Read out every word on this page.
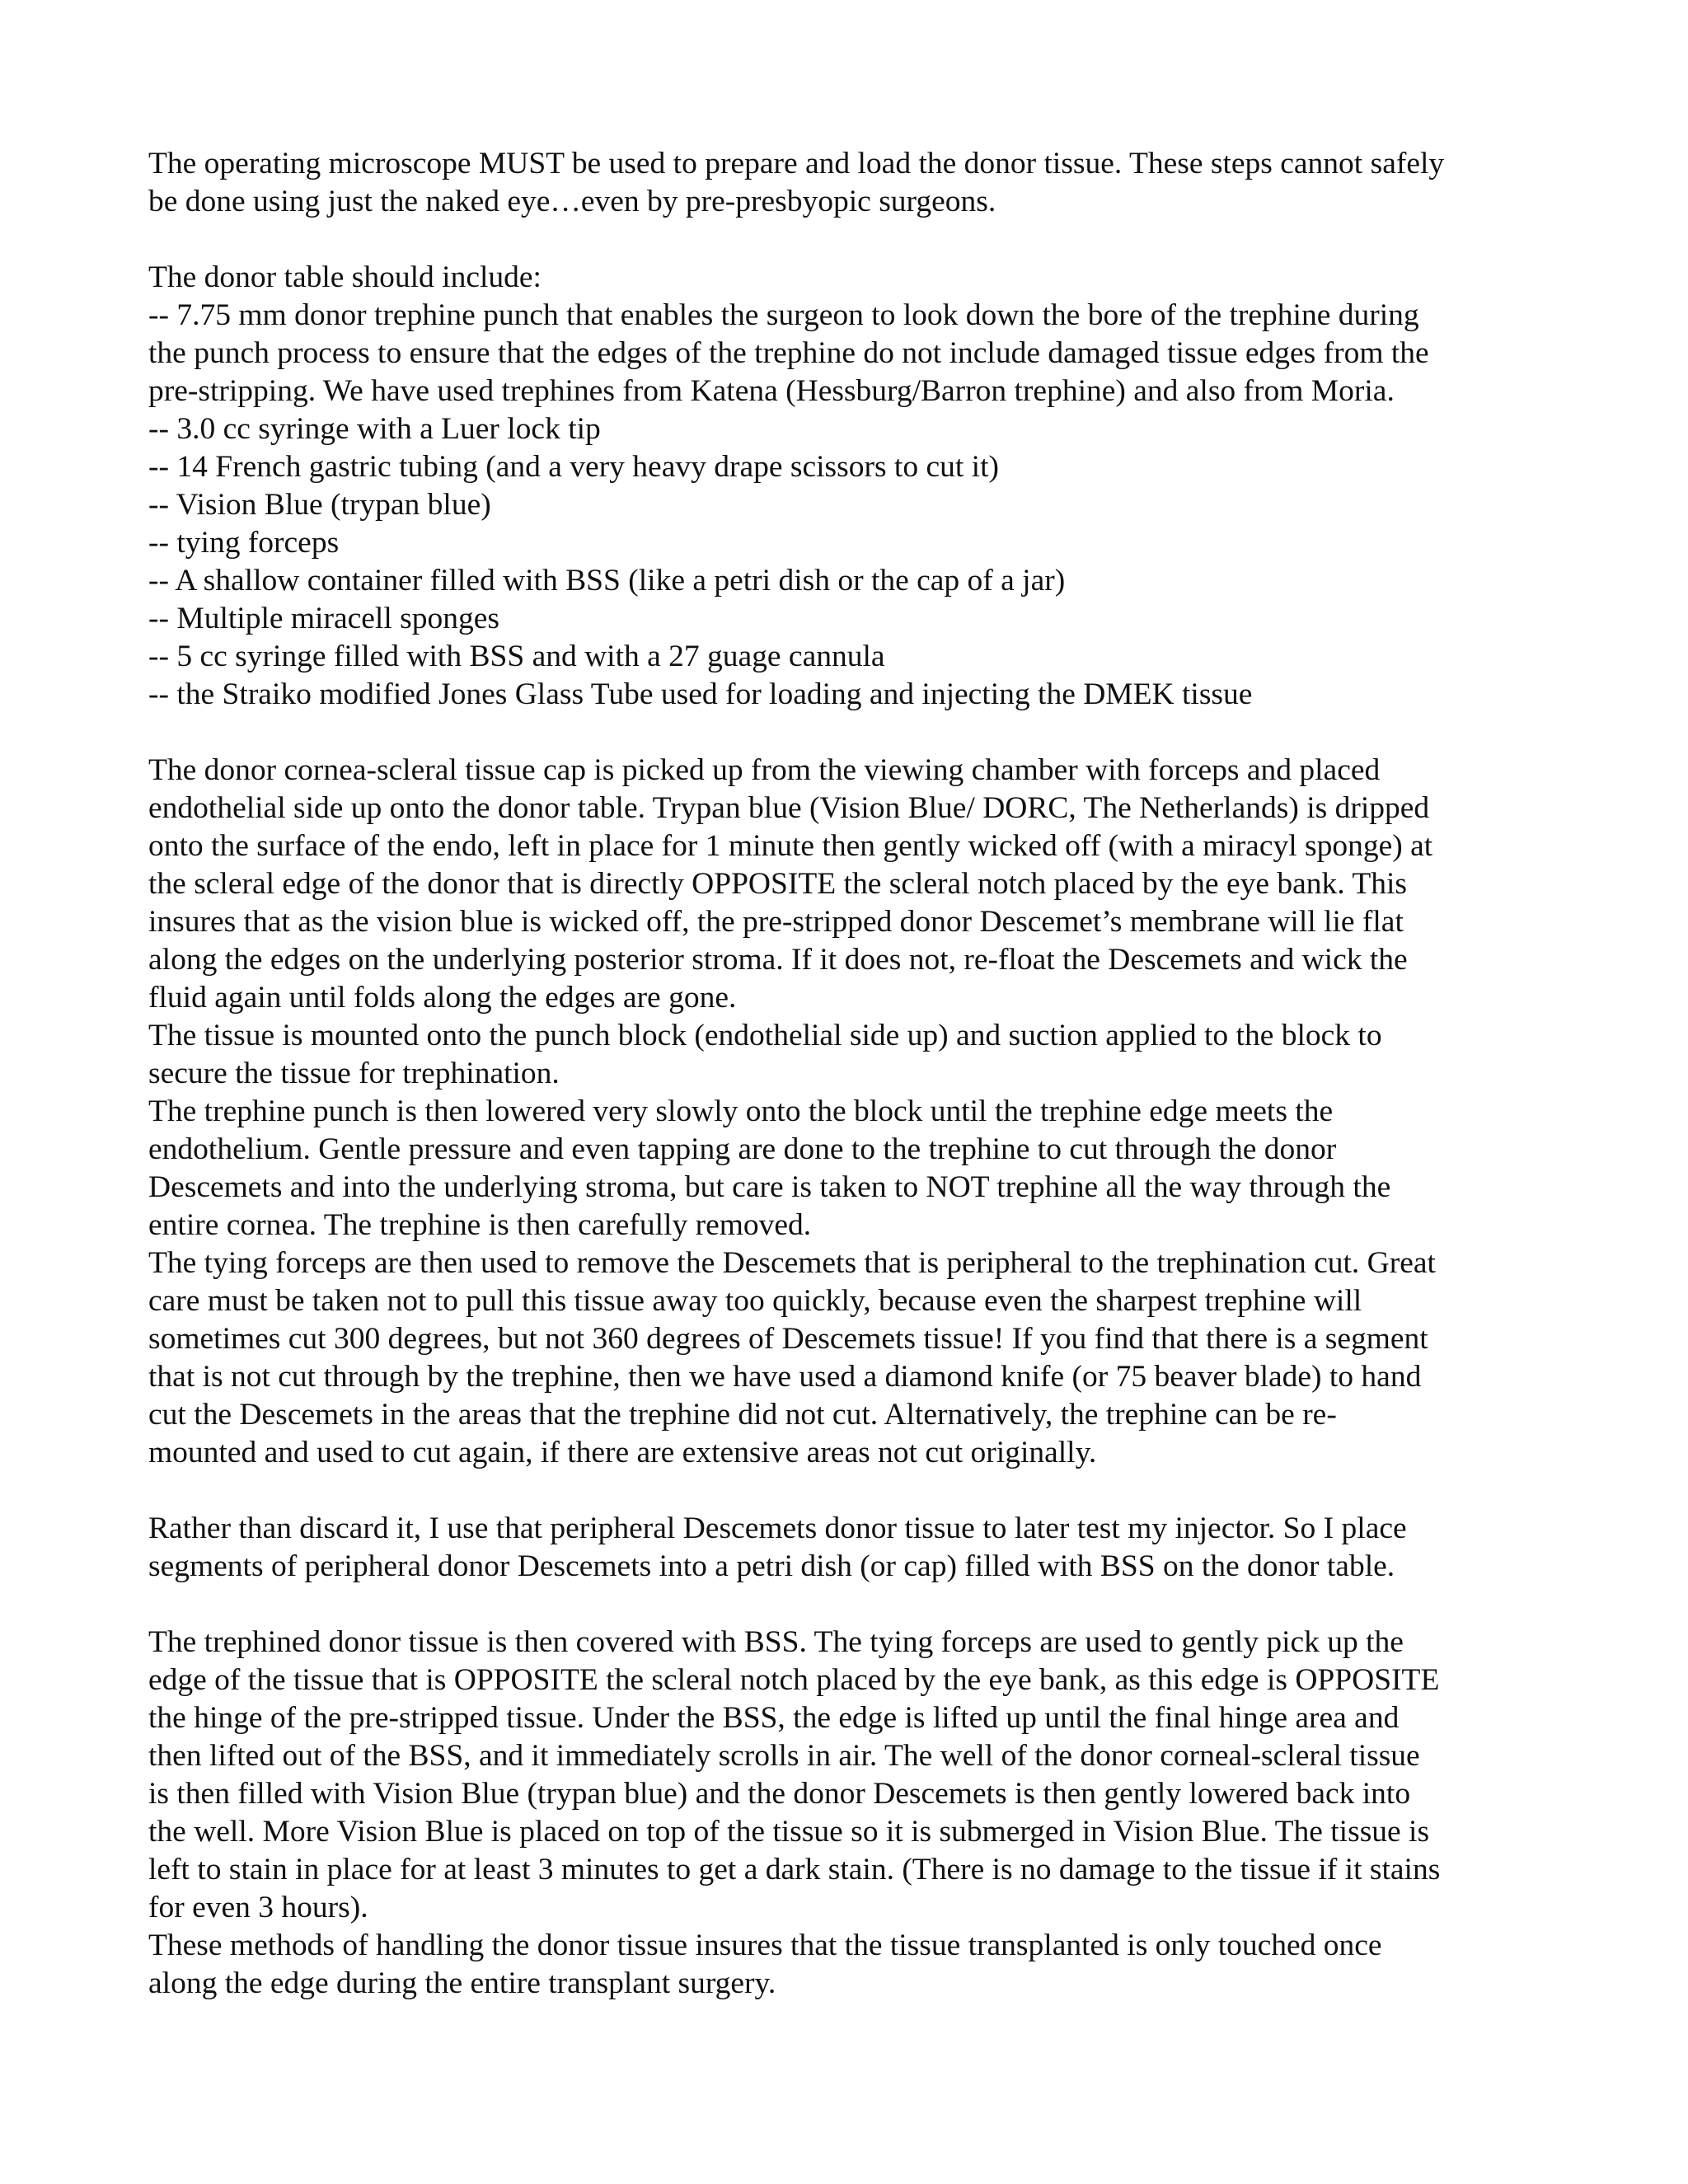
The operating microscope MUST be used to prepare and load the donor tissue. These steps cannot safely
be done using just the naked eye…even by pre-presbyopic surgeons.
The donor table should include:
-- 7.75 mm donor trephine punch that enables the surgeon to look down the bore of the trephine during
the punch process to ensure that the edges of the trephine do not include damaged tissue edges from the
pre-stripping. We have used trephines from Katena (Hessburg/Barron trephine) and also from Moria.
-- 3.0 cc syringe with a Luer lock tip
-- 14 French gastric tubing (and a very heavy drape scissors to cut it)
-- Vision Blue (trypan blue)
-- tying forceps
-- A shallow container filled with BSS (like a petri dish or the cap of a jar)
-- Multiple miracell sponges
-- 5 cc syringe filled with BSS and with a 27 guage cannula
-- the Straiko modified Jones Glass Tube used for loading and injecting the DMEK tissue
The donor cornea-scleral tissue cap is picked up from the viewing chamber with forceps and placed
endothelial side up onto the donor table. Trypan blue (Vision Blue/ DORC, The Netherlands) is dripped
onto the surface of the endo, left in place for 1 minute then gently wicked off (with a miracyl sponge) at
the scleral edge of the donor that is directly OPPOSITE the scleral notch placed by the eye bank. This
insures that as the vision blue is wicked off, the pre-stripped donor Descemet’s membrane will lie flat
along the edges on the underlying posterior stroma. If it does not, re-float the Descemets and wick the
fluid again until folds along the edges are gone.
The tissue is mounted onto the punch block (endothelial side up) and suction applied to the block to
secure the tissue for trephination.
The trephine punch is then lowered very slowly onto the block until the trephine edge meets the
endothelium. Gentle pressure and even tapping are done to the trephine to cut through the donor
Descemets and into the underlying stroma, but care is taken to NOT trephine all the way through the
entire cornea. The trephine is then carefully removed.
The tying forceps are then used to remove the Descemets that is peripheral to the trephination cut. Great
care must be taken not to pull this tissue away too quickly, because even the sharpest trephine will
sometimes cut 300 degrees, but not 360 degrees of Descemets tissue! If you find that there is a segment
that is not cut through by the trephine, then we have used a diamond knife (or 75 beaver blade) to hand
cut the Descemets in the areas that the trephine did not cut. Alternatively, the trephine can be re-
mounted and used to cut again, if there are extensive areas not cut originally.
Rather than discard it, I use that peripheral Descemets donor tissue to later test my injector. So I place
segments of peripheral donor Descemets into a petri dish (or cap) filled with BSS on the donor table.
The trephined donor tissue is then covered with BSS. The tying forceps are used to gently pick up the
edge of the tissue that is OPPOSITE the scleral notch placed by the eye bank, as this edge is OPPOSITE
the hinge of the pre-stripped tissue. Under the BSS, the edge is lifted up until the final hinge area and
then lifted out of the BSS, and it immediately scrolls in air. The well of the donor corneal-scleral tissue
is then filled with Vision Blue (trypan blue) and the donor Descemets is then gently lowered back into
the well. More Vision Blue is placed on top of the tissue so it is submerged in Vision Blue. The tissue is
left to stain in place for at least 3 minutes to get a dark stain. (There is no damage to the tissue if it stains
for even 3 hours).
These methods of handling the donor tissue insures that the tissue transplanted is only touched once
along the edge during the entire transplant surgery.
